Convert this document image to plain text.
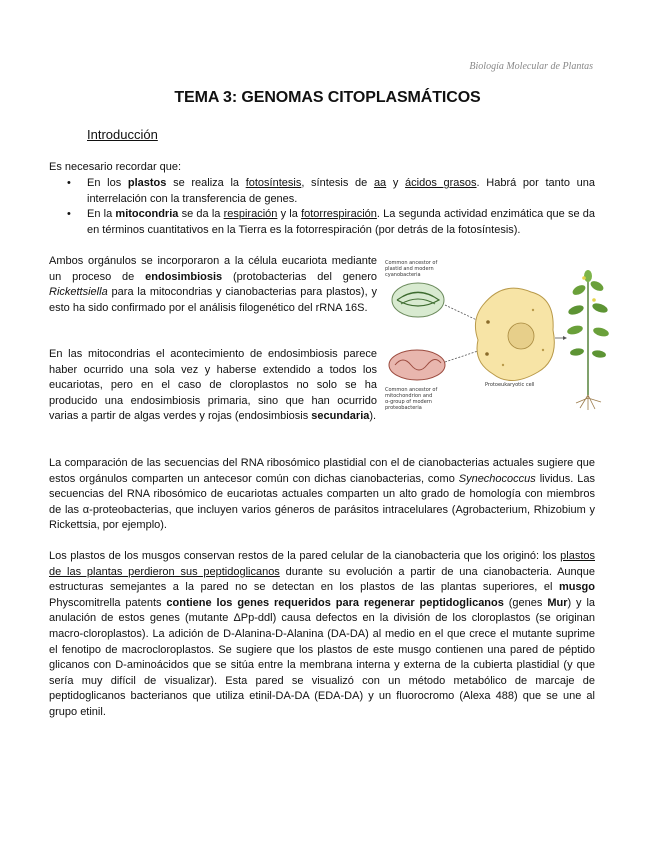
Biología Molecular de Plantas
TEMA 3: GENOMAS CITOPLASMÁTICOS
Introducción
Es necesario recordar que:
• En los plastos se realiza la fotosíntesis, síntesis de aa y ácidos grasos. Habrá por tanto una interrelación con la transferencia de genes.
• En la mitocondria se da la respiración y la fotorrespiración. La segunda actividad enzimática que se da en términos cuantitativos en la Tierra es la fotorrespiración (por detrás de la fotosíntesis).
Ambos orgánulos se incorporaron a la célula eucariota mediante un proceso de endosimbiosis (protobacterias del genero Rickettsiella para la mitocondrias y cianobacterias para plastos), y esto ha sido confirmado por el análisis filogenético del rRNA 16S.
En las mitocondrias el acontecimiento de endosimbiosis parece haber ocurrido una sola vez y haberse extendido a todos los eucariotas, pero en el caso de cloroplastos no solo se ha producido una endosimbiosis primaria, sino que han ocurrido varias a partir de algas verdes y rojas (endosimbiosis secundaria).
Common ancestor of plastid and modern cyanobacteria
Common ancestor of mitochondrion and α-group of modern proteobacteria
Protoeukaryotic cell
La comparación de las secuencias del RNA ribosómico plastidial con el de cianobacterias actuales sugiere que estos orgánulos comparten un antecesor común con dichas cianobacterias, como Synechococcus lividus. Las secuencias del RNA ribosómico de eucariotas actuales comparten un alto grado de homología con miembros de las α-proteobacterias, que incluyen varios géneros de parásitos intracelulares (Agrobacterium, Rhizobium y Rickettsia, por ejemplo).
Los plastos de los musgos conservan restos de la pared celular de la cianobacteria que los originó: los plastos de las plantas perdieron sus peptidoglicanos durante su evolución a partir de una cianobacteria. Aunque estructuras semejantes a la pared no se detectan en los plastos de las plantas superiores, el musgo Physcomitrella patents contiene los genes requeridos para regenerar peptidoglicanos (genes Mur) y la anulación de estos genes (mutante ΔPp-ddl) causa defectos en la división de los cloroplastos (se originan macro-cloroplastos). La adición de D-Alanina-D-Alanina (DA-DA) al medio en el que crece el mutante suprime el fenotipo de macrocloroplastos. Se sugiere que los plastos de este musgo contienen una pared de péptido glicanos con D-aminoácidos que se sitúa entre la membrana interna y externa de la cubierta plastidial (y que sería muy difícil de visualizar). Esta pared se visualizó con un método metabólico de marcaje de peptidoglicanos bacterianos que utiliza etinil-DA-DA (EDA-DA) y un fluorocromo (Alexa 488) que se une al grupo etinil.
